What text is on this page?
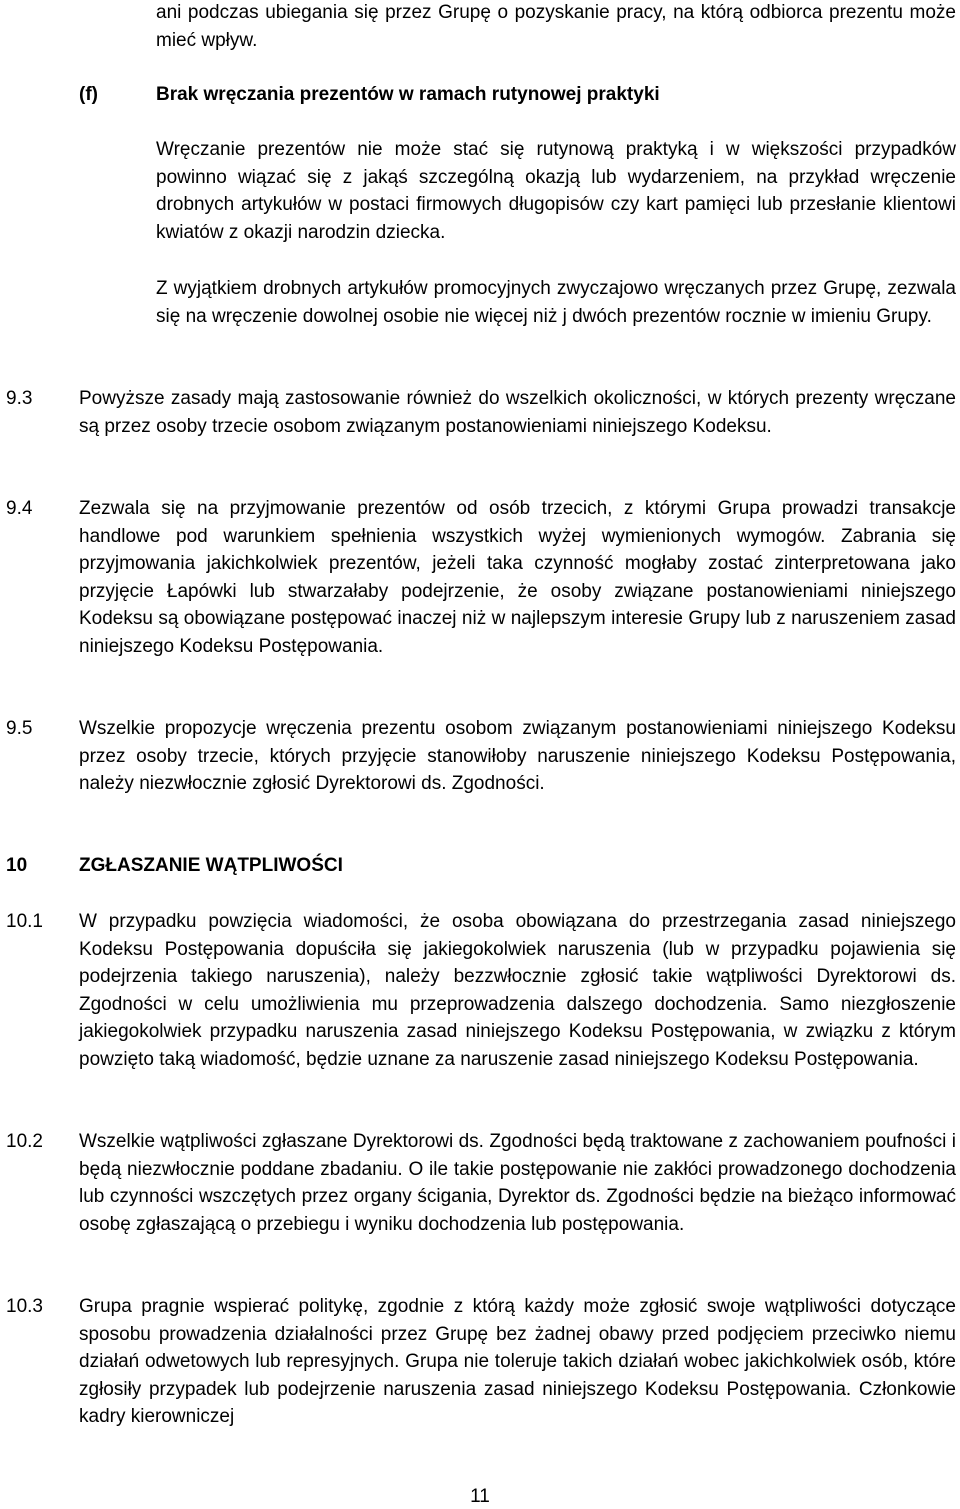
ani podczas ubiegania się przez Grupę o pozyskanie pracy, na którą odbiorca prezentu może mieć wpływ.

(f)	Brak wręczania prezentów w ramach rutynowej praktyki

Wręczanie prezentów nie może stać się rutynową praktyką i w większości przypadków powinno wiązać się z jakąś szczególną okazją lub wydarzeniem, na przykład wręczenie drobnych artykułów w postaci firmowych długopisów czy kart pamięci lub przesłanie klientowi kwiatów z okazji narodzin dziecka.

Z wyjątkiem drobnych artykułów promocyjnych zwyczajowo wręczanych przez Grupę, zezwala się na wręczenie dowolnej osobie nie więcej niż j dwóch prezentów rocznie w imieniu Grupy.

9.3 Powyższe zasady mają zastosowanie również do wszelkich okoliczności, w których prezenty wręczane są przez osoby trzecie osobom związanym postanowieniami niniejszego Kodeksu.

9.4 Zezwala się na przyjmowanie prezentów od osób trzecich, z którymi Grupa prowadzi transakcje handlowe pod warunkiem spełnienia wszystkich wyżej wymienionych wymogów. Zabrania się przyjmowania jakichkolwiek prezentów, jeżeli taka czynność mogłaby zostać zinterpretowana jako przyjęcie Łapówki lub stwarzałaby podejrzenie, że osoby związane postanowieniami niniejszego Kodeksu są obowiązane postępować inaczej niż w najlepszym interesie Grupy lub z naruszeniem zasad niniejszego Kodeksu Postępowania.

9.5 Wszelkie propozycje wręczenia prezentu osobom związanym postanowieniami niniejszego Kodeksu przez osoby trzecie, których przyjęcie stanowiłoby naruszenie niniejszego Kodeksu Postępowania, należy niezwłocznie zgłosić Dyrektorowi ds. Zgodności.

10	ZGŁASZANIE WĄTPLIWOŚCI

10.1 W przypadku powzięcia wiadomości, że osoba obowiązana do przestrzegania zasad niniejszego Kodeksu Postępowania dopuściła się jakiegokolwiek naruszenia (lub w przypadku pojawienia się podejrzenia takiego naruszenia), należy bezzwłocznie zgłosić takie wątpliwości Dyrektorowi ds. Zgodności w celu umożliwienia mu przeprowadzenia dalszego dochodzenia. Samo niezgłoszenie jakiegokolwiek przypadku naruszenia zasad niniejszego Kodeksu Postępowania, w związku z którym powzięto taką wiadomość, będzie uznane za naruszenie zasad niniejszego Kodeksu Postępowania.

10.2 Wszelkie wątpliwości zgłaszane Dyrektorowi ds. Zgodności będą traktowane z zachowaniem poufności i będą niezwłocznie poddane zbadaniu. O ile takie postępowanie nie zakłóci prowadzonego dochodzenia lub czynności wszczętych przez organy ścigania, Dyrektor ds. Zgodności będzie na bieżąco informować osobę zgłaszającą o przebiegu i wyniku dochodzenia lub postępowania.

10.3 Grupa pragnie wspierać politykę, zgodnie z którą każdy może zgłosić swoje wątpliwości dotyczące sposobu prowadzenia działalności przez Grupę bez żadnej obawy przed podjęciem przeciwko niemu działań odwetowych lub represyjnych. Grupa nie toleruje takich działań wobec jakichkolwiek osób, które zgłosiły przypadek lub podejrzenie naruszenia zasad niniejszego Kodeksu Postępowania. Członkowie kadry kierowniczej

11
